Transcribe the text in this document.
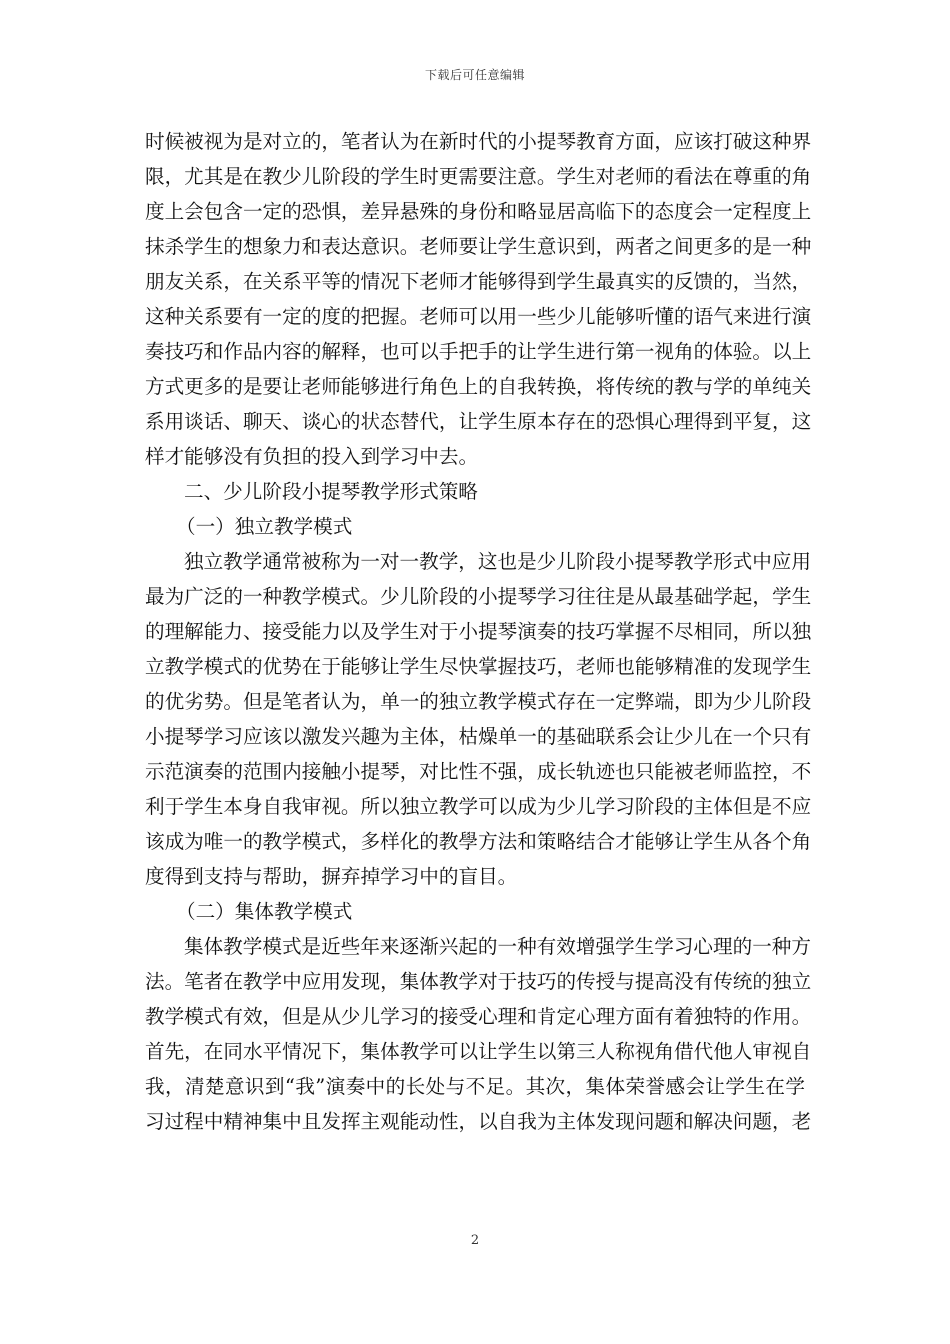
下载后可任意编辑
时候被视为是对立的，笔者认为在新时代的小提琴教育方面，应该打破这种界
限，尤其是在教少儿阶段的学生时更需要注意。学生对老师的看法在尊重的角
度上会包含一定的恐惧，差异悬殊的身份和略显居高临下的态度会一定程度上
抹杀学生的想象力和表达意识。老师要让学生意识到，两者之间更多的是一种
朋友关系，在关系平等的情况下老师才能够得到学生最真实的反馈的，当然，
这种关系要有一定的度的把握。老师可以用一些少儿能够听懂的语气来进行演
奏技巧和作品内容的解释，也可以手把手的让学生进行第一视角的体验。以上
方式更多的是要让老师能够进行角色上的自我转换，将传统的教与学的单纯关
系用谈话、聊天、谈心的状态替代，让学生原本存在的恐惧心理得到平复，这
样才能够没有负担的投入到学习中去。
二、少儿阶段小提琴教学形式策略
（一）独立教学模式
独立教学通常被称为一对一教学，这也是少儿阶段小提琴教学形式中应用
最为广泛的一种教学模式。少儿阶段的小提琴学习往往是从最基础学起，学生
的理解能力、接受能力以及学生对于小提琴演奏的技巧掌握不尽相同，所以独
立教学模式的优势在于能够让学生尽快掌握技巧，老师也能够精准的发现学生
的优劣势。但是笔者认为，单一的独立教学模式存在一定弊端，即为少儿阶段
小提琴学习应该以激发兴趣为主体，枯燥单一的基础联系会让少儿在一个只有
示范演奏的范围内接触小提琴，对比性不强，成长轨迹也只能被老师监控，不
利于学生本身自我审视。所以独立教学可以成为少儿学习阶段的主体但是不应
该成为唯一的教学模式，多样化的教學方法和策略结合才能够让学生从各个角
度得到支持与帮助，摒弃掉学习中的盲目。
（二）集体教学模式
集体教学模式是近些年来逐渐兴起的一种有效增强学生学习心理的一种方
法。笔者在教学中应用发现，集体教学对于技巧的传授与提高没有传统的独立
教学模式有效，但是从少儿学习的接受心理和肯定心理方面有着独特的作用。
首先，在同水平情况下，集体教学可以让学生以第三人称视角借代他人审视自
我，清楚意识到“我”演奏中的长处与不足。其次，集体荣誉感会让学生在学
习过程中精神集中且发挥主观能动性，以自我为主体发现问题和解决问题，老
2
